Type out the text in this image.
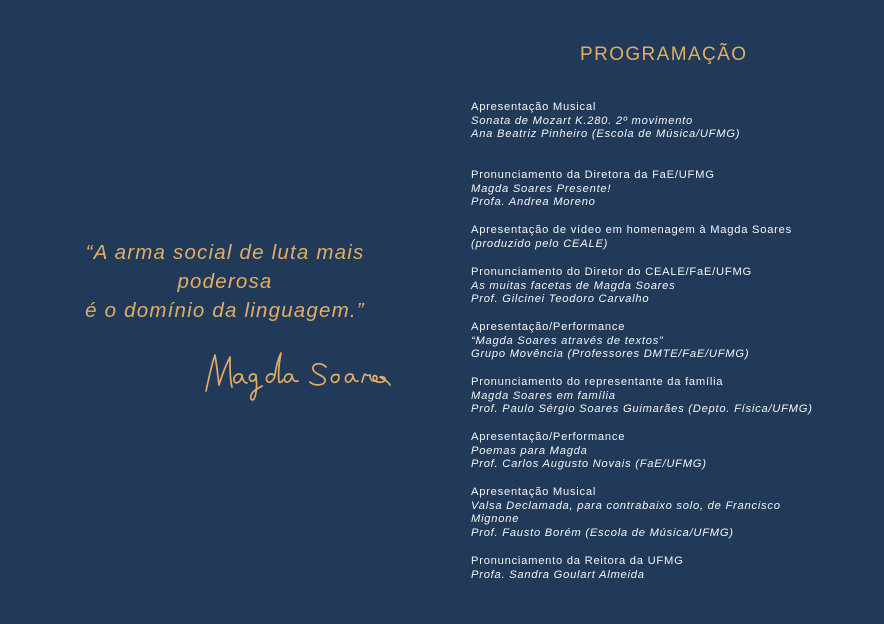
“A arma social de luta mais
poderosa
é o domínio da linguagem.”
PROGRAMAÇÃO
Apresentação Musical
Sonata de Mozart K.280. 2º movimento
Ana Beatriz Pinheiro (Escola de Música/UFMG)
Pronunciamento da Diretora da FaE/UFMG
Magda Soares Presente!
Profa. Andrea Moreno
Apresentação de vídeo em homenagem à Magda Soares
(produzido pelo CEALE)
Pronunciamento do Diretor do CEALE/FaE/UFMG
As muitas facetas de Magda Soares
Prof. Gilcinei Teodoro Carvalho
Apresentação/Performance
“Magda Soares através de textos”
Grupo Movência (Professores DMTE/FaE/UFMG)
Pronunciamento do representante da família
Magda Soares em família
Prof. Paulo Sérgio Soares Guimarães (Depto. Física/UFMG)
Apresentação/Performance
Poemas para Magda
Prof. Carlos Augusto Novais (FaE/UFMG)
Apresentação Musical
Valsa Declamada, para contrabaixo solo, de Francisco
Mignone
Prof. Fausto Borém (Escola de Música/UFMG)
Pronunciamento da Reitora da UFMG
Profa. Sandra Goulart Almeida
